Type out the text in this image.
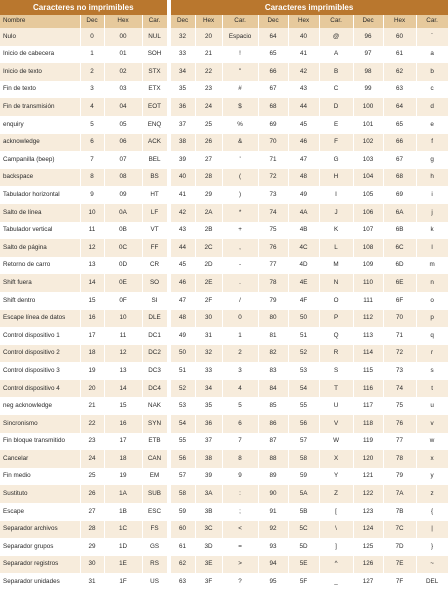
Caracteres no imprimibles					Caracteres imprimibles								
Nombre	Dec	Hex	Car.		Dec	Hex	Car.	Dec	Hex	Car.	Dec	Hex	Car.
Nulo	0	00	NUL		32	20	Espacio	64	40	@	96	60	`
Inicio de cabecera	1	01	SOH		33	21	!	65	41	A	97	61	a
Inicio de texto	2	02	STX		34	22	"	66	42	B	98	62	b
Fin de texto	3	03	ETX		35	23	#	67	43	C	99	63	c
Fin de transmisión	4	04	EOT		36	24	$	68	44	D	100	64	d
enquiry	5	05	ENQ		37	25	%	69	45	E	101	65	e
acknowledge	6	06	ACK		38	26	&	70	46	F	102	66	f
Campanilla (beep)	7	07	BEL		39	27	'	71	47	G	103	67	g
backspace	8	08	BS		40	28	(	72	48	H	104	68	h
Tabulador horizontal	9	09	HT		41	29	)	73	49	I	105	69	i
Salto de línea	10	0A	LF		42	2A	*	74	4A	J	106	6A	j
Tabulador vertical	11	0B	VT		43	2B	+	75	4B	K	107	6B	k
Salto de página	12	0C	FF		44	2C	,	76	4C	L	108	6C	l
Retorno de carro	13	0D	CR		45	2D	-	77	4D	M	109	6D	m
Shift fuera	14	0E	SO		46	2E	.	78	4E	N	110	6E	n
Shift dentro	15	0F	SI		47	2F	/	79	4F	O	111	6F	o
Escape línea de datos	16	10	DLE		48	30	0	80	50	P	112	70	p
Control dispositivo 1	17	11	DC1		49	31	1	81	51	Q	113	71	q
Control dispositivo 2	18	12	DC2		50	32	2	82	52	R	114	72	r
Control dispositivo 3	19	13	DC3		51	33	3	83	53	S	115	73	s
Control dispositivo 4	20	14	DC4		52	34	4	84	54	T	116	74	t
neg acknowledge	21	15	NAK		53	35	5	85	55	U	117	75	u
Sincronismo	22	16	SYN		54	36	6	86	56	V	118	76	v
Fin bloque transmitido	23	17	ETB		55	37	7	87	57	W	119	77	w
Cancelar	24	18	CAN		56	38	8	88	58	X	120	78	x
Fin medio	25	19	EM		57	39	9	89	59	Y	121	79	y
Sustituto	26	1A	SUB		58	3A	:	90	5A	Z	122	7A	z
Escape	27	1B	ESC		59	3B	;	91	5B	[	123	7B	{
Separador archivos	28	1C	FS		60	3C	<	92	5C	\	124	7C	|
Separador grupos	29	1D	GS		61	3D	=	93	5D	]	125	7D	}
Separador registros	30	1E	RS		62	3E	>	94	5E	^	126	7E	~
Separador unidades	31	1F	US		63	3F	?	95	5F	_	127	7F	DEL
